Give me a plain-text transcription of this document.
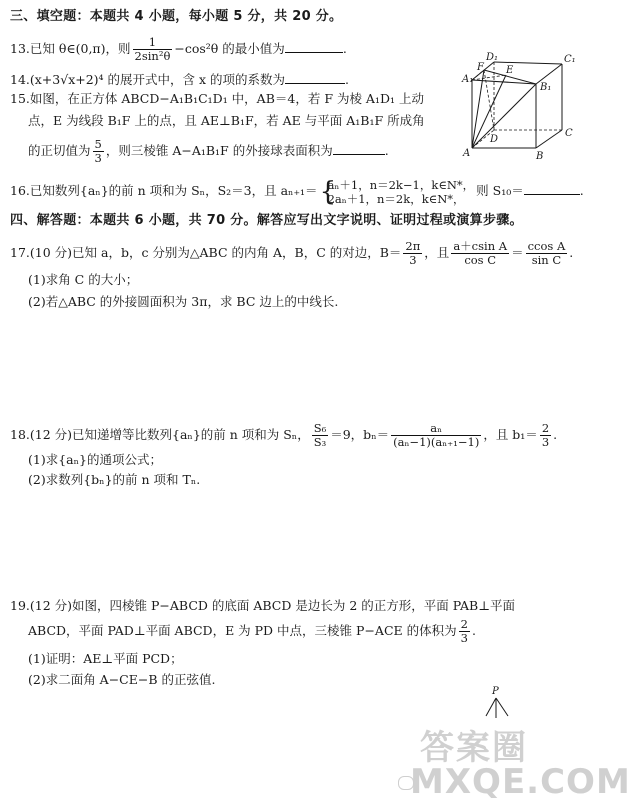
三、填空题：本题共 4 小题，每小题 5 分，共 20 分。
13.已知 θ∈(0,π)，则 $\frac{1}{\text{2sin²θ}} -\cos^2\theta$ 的最小值为	.
14.(x+3√x+2)⁴ 的展开式中，含 x 的项的系数为	.
15.如图，在正方体 ABCD−A₁B₁C₁D₁ 中，AB＝4，若 F 为棱 A₁D₁ 上动
点，E 为线段 B₁F 上的点，且 AE⊥B₁F，若 AE 与平面 A₁B₁F 所成角
的正切值为 $\frac{5}{3}$ ，则三棱锥 A−A₁B₁F 的外接球表面积为	.
D₁	C₁
A₁
F E
B₁
D
C
A	B
16.已知数列{aₙ}的前 n 项和为 Sₙ，S₂＝3，且 aₙ₊₁＝ {
aₙ＋1，n＝2k−1，k∈N*，
2aₙ＋1，n＝2k，k∈N*，
则 S₁₀＝	.
四、解答题：本题共 6 小题，共 70 分。解答应写出文字说明、证明过程或演算步骤。
17.(10 分)已知 a，b，c 分别为△ABC 的内角 A，B，C 的对边，$B= \frac{2\pi}{3}$ ，且 $\frac{\text{a＋csin A}}{\text{cos C}} = \frac{\text{ccos A}}{\text{sin C}}$ .
(1)求角 C 的大小；
(2)若△ABC 的外接圆面积为 3π，求 BC 边上的中线长.
18.(12 分)已知递增等比数列{aₙ}的前 n 项和为 Sₙ， $\frac{\text{S₆}}{\text{S₃}} =9$，$b_n= \frac{\text{aₙ}}{\text{(aₙ−1)(aₙ₊₁−1)}}$ ，且 $b_1= \frac{2}{3}$ .
(1)求{aₙ}的通项公式；
(2)求数列{bₙ}的前 n 项和 Tₙ.
19.(12 分)如图，四棱锥 P−ABCD 的底面 ABCD 是边长为 2 的正方形，平面 PAB⊥平面
ABCD，平面 PAD⊥平面 ABCD，E 为 PD 中点，三棱锥 P−ACE 的体积为 $\frac{2}{3}$ .
(1)证明：AE⊥平面 PCD；
(2)求二面角 A−CE−B 的正弦值.
P
答案圈
MXQE.COM
